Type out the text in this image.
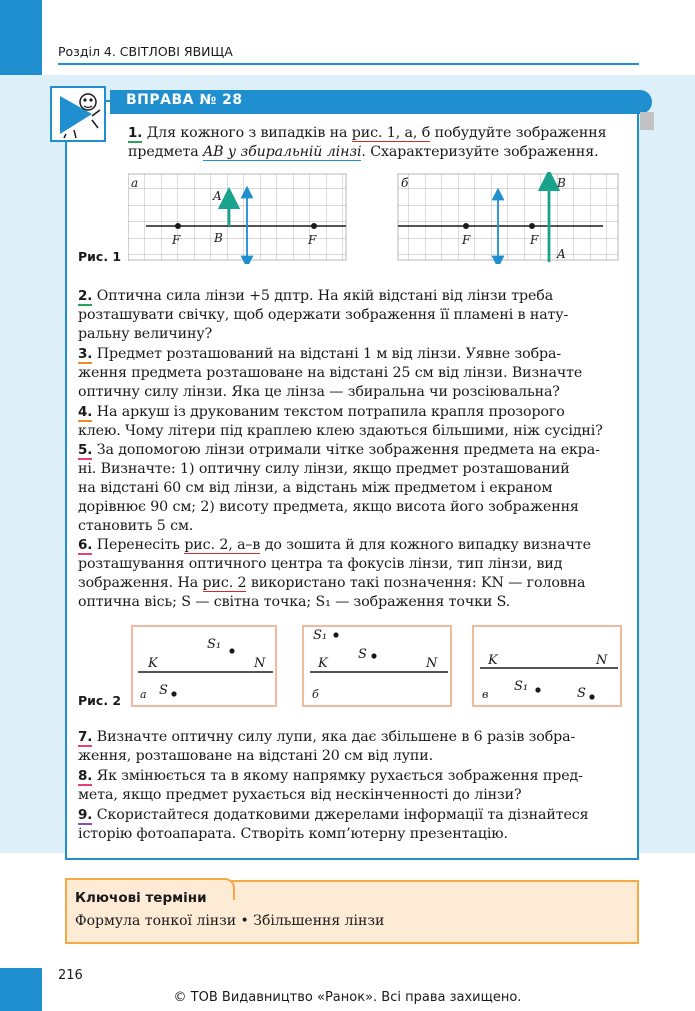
Розділ 4. СВІТЛОВІ ЯВИЩА
ВПРАВА № 28
1. Для кожного з випадків на рис. 1, а, б побудуйте зображення
предмета AB у збиральній лінзі. Схарактеризуйте зображення.
а
A
B
F	F
б	B
A
F	F
Рис. 1
2. Оптична сила лінзи +5 дптр. На якій відстані від лінзи треба
розташувати свічку, щоб одержати зображення її пламені в нату-
ральну величину?
3. Предмет розташований на відстані 1 м від лінзи. Уявне зобра-
ження предмета розташоване на відстані 25 см від лінзи. Визначте
оптичну силу лінзи. Яка це лінза — збиральна чи розсіювальна?
4. На аркуш із друкованим текстом потрапила крапля прозорого
клею. Чому літери під краплею клею здаються більшими, ніж сусідні?
5. За допомогою лінзи отримали чітке зображення предмета на екра-
ні. Визначте: 1) оптичну силу лінзи, якщо предмет розташований
на відстані 60 см від лінзи, а відстань між предметом і екраном
дорівнює 90 см; 2) висоту предмета, якщо висота його зображення
становить 5 см.
6. Перенесіть рис. 2, а–в до зошита й для кожного випадку визначте
розташування оптичного центра та фокусів лінзи, тип лінзи, вид
зображення. На рис. 2 використано такі позначення: KN — головна
оптична вісь; S — світна точка; S₁ — зображення точки S.
S₁
K	N
S
а
S₁
S
K	N
б
K	N
S₁	S
в
Рис. 2
7. Визначте оптичну силу лупи, яка дає збільшене в 6 разів зобра-
ження, розташоване на відстані 20 см від лупи.
8. Як змінюється та в якому напрямку рухається зображення пред-
мета, якщо предмет рухається від нескінченності до лінзи?
9. Скористайтеся додатковими джерелами інформації та дізнайтеся
історію фотоапарата. Створіть комп’ютерну презентацію.
Ключові терміни
Формула тонкої лінзи • Збільшення лінзи
216
© ТОВ Видавництво «Ранок». Всі права захищено.
